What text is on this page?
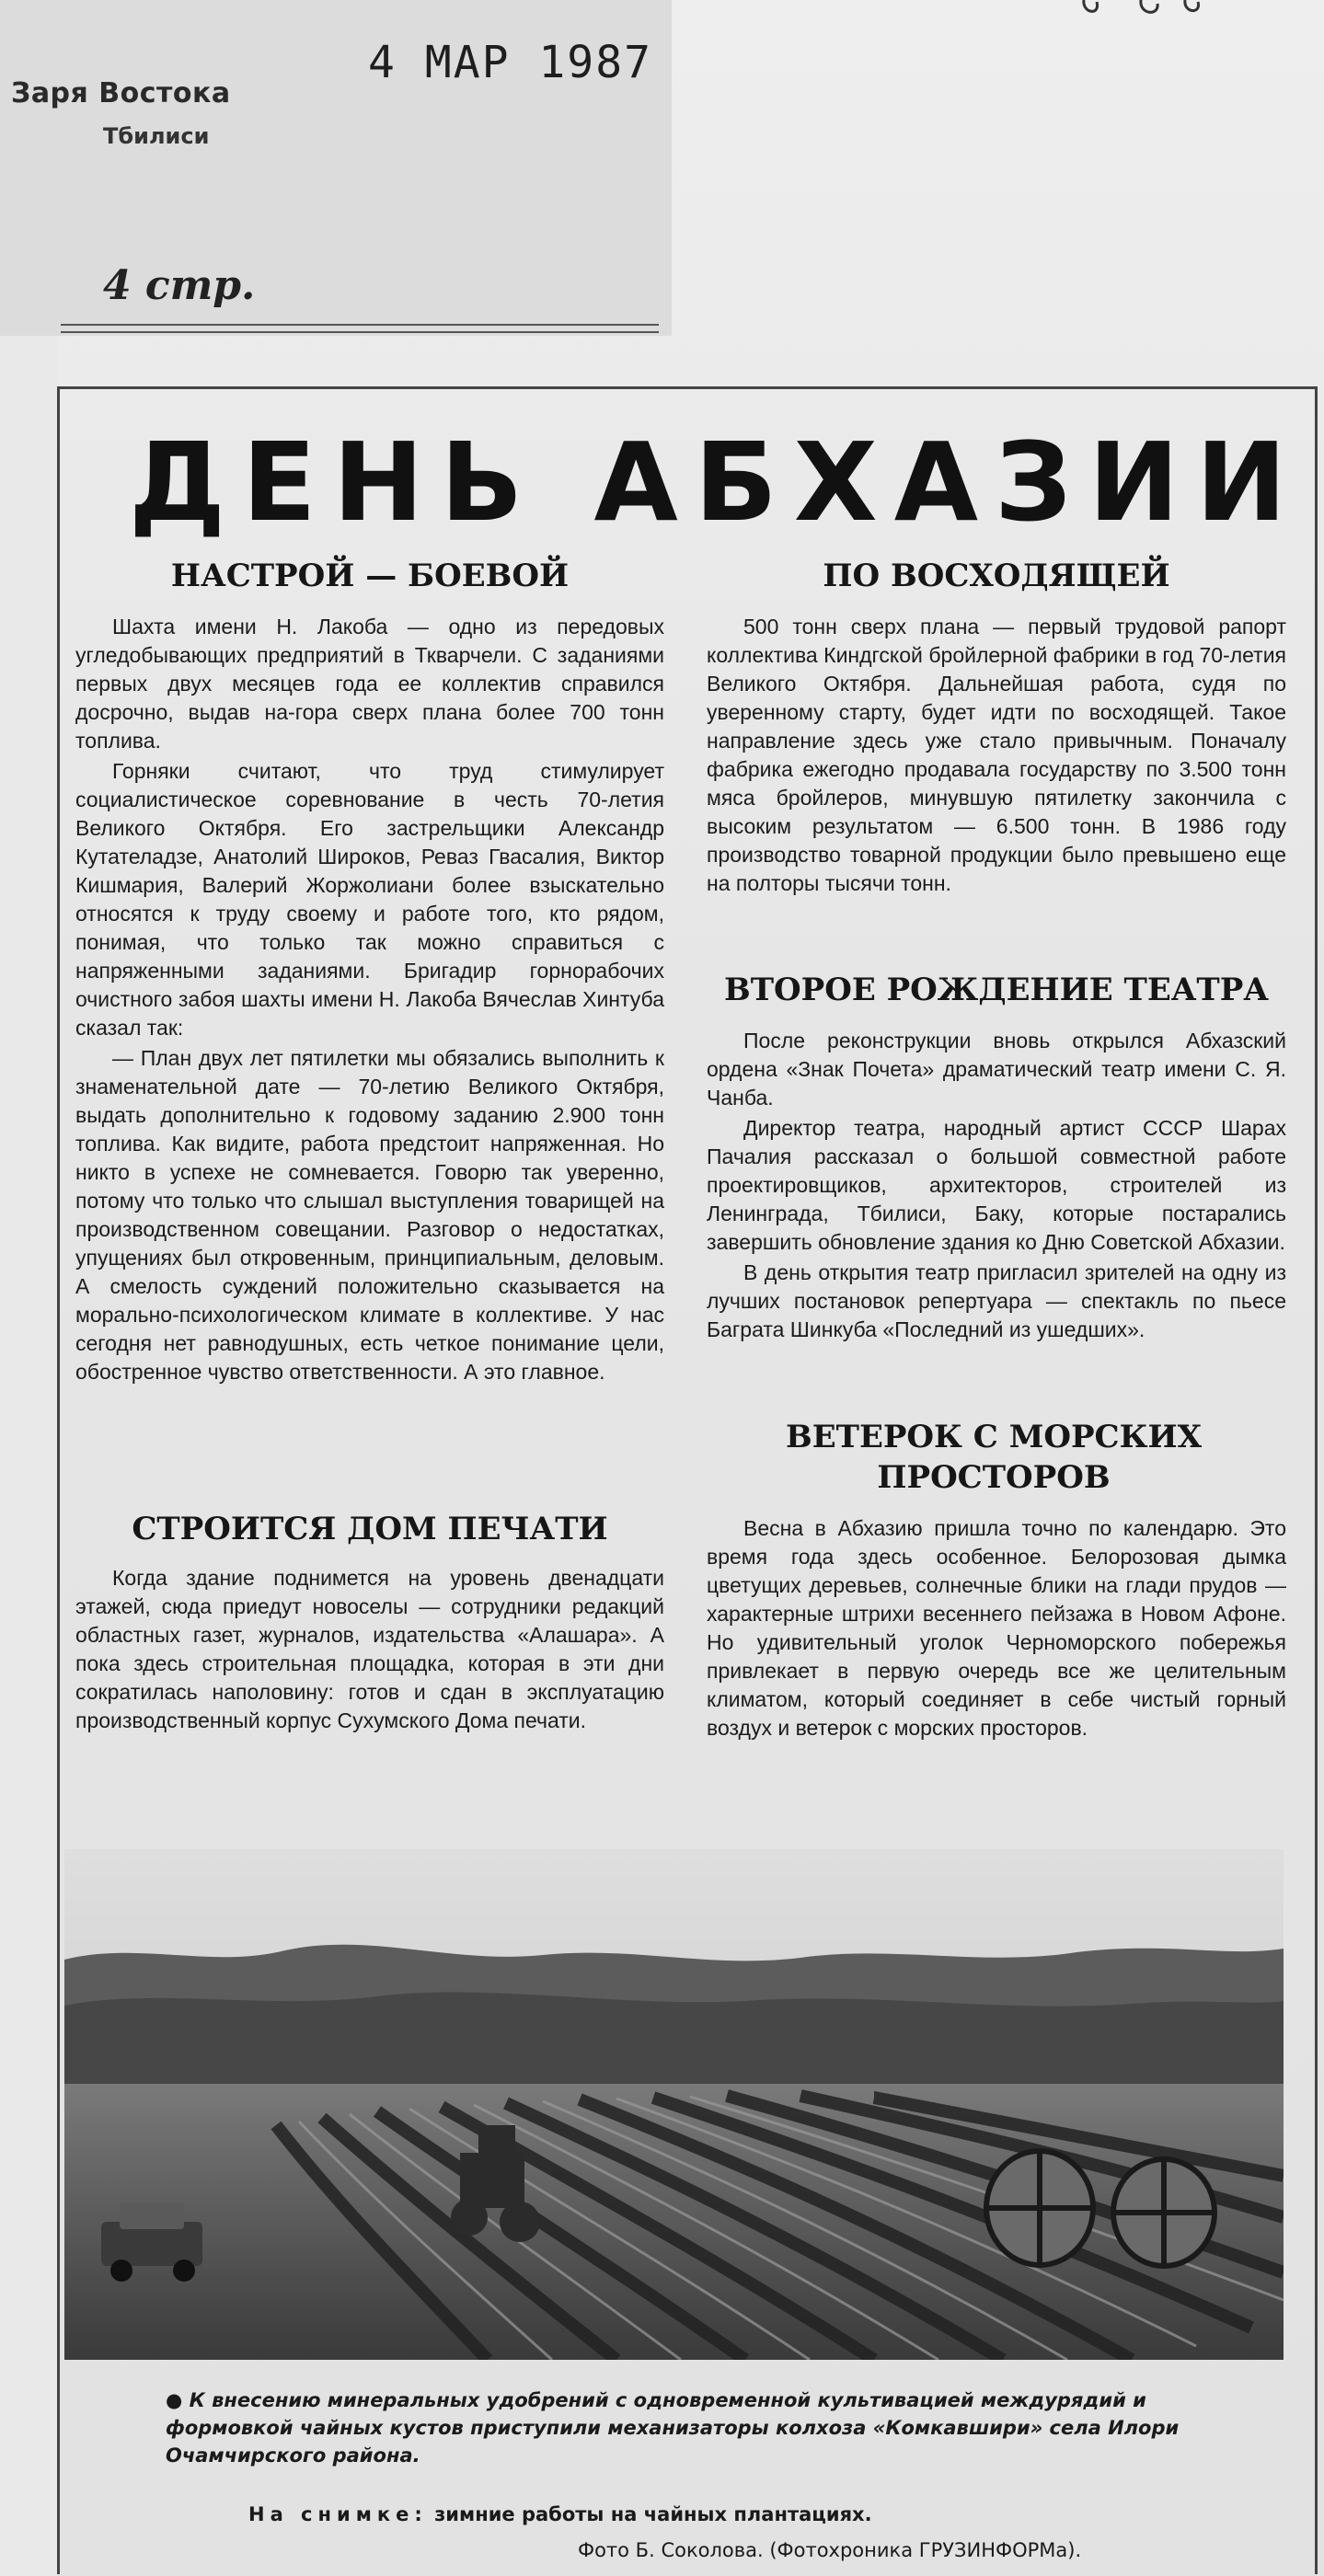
Заря Востока
Тбилиси
4 МАР 1987
4 стр.
ДЕНЬ АБХАЗИИ
НАСТРОЙ — БОЕВОЙ

Шахта имени Н. Лакоба — одно из передовых угледобывающих предприятий в Ткварчели. С заданиями первых двух месяцев года ее коллектив справился досрочно, выдав на-гора сверх плана более 700 тонн топлива.

Горняки считают, что труд стимулирует социалистическое соревнование в честь 70-летия Великого Октября. Его застрельщики Александр Кутателадзе, Анатолий Широков, Реваз Гвасалия, Виктор Кишмария, Валерий Жоржолиани более взыскательно относятся к труду своему и работе того, кто рядом, понимая, что только так можно справиться с напряженными заданиями. Бригадир горнорабочих очистного забоя шахты имени Н. Лакоба Вячеслав Хинтуба сказал так:

— План двух лет пятилетки мы обязались выполнить к знаменательной дате — 70-летию Великого Октября, выдать дополнительно к годовому заданию 2.900 тонн топлива. Как видите, работа предстоит напряженная. Но никто в успехе не сомневается. Говорю так уверенно, потому что только что слышал выступления товарищей на производственном совещании. Разговор о недостатках, упущениях был откровенным, принципиальным, деловым. А смелость суждений положительно сказывается на морально-психологическом климате в коллективе. У нас сегодня нет равнодушных, есть четкое понимание цели, обостренное чувство ответственности. А это главное.

СТРОИТСЯ ДОМ ПЕЧАТИ

Когда здание поднимется на уровень двенадцати этажей, сюда приедут новоселы — сотрудники редакций областных газет, журналов, издательства «Алашара». А пока здесь строительная площадка, которая в эти дни сократилась наполовину: готов и сдан в эксплуатацию производственный корпус Сухумского Дома печати.

ПО ВОСХОДЯЩЕЙ

500 тонн сверх плана — первый трудовой рапорт коллектива Киндгской бройлерной фабрики в год 70-летия Великого Октября. Дальнейшая работа, судя по уверенному старту, будет идти по восходящей. Такое направление здесь уже стало привычным. Поначалу фабрика ежегодно продавала государству по 3.500 тонн мяса бройлеров, минувшую пятилетку закончила с высоким результатом — 6.500 тонн. В 1986 году производство товарной продукции было превышено еще на полторы тысячи тонн.

ВТОРОЕ РОЖДЕНИЕ ТЕАТРА

После реконструкции вновь открылся Абхазский ордена «Знак Почета» драматический театр имени С. Я. Чанба.

Директор театра, народный артист СССР Шарах Пачалия рассказал о большой совместной работе проектировщиков, архитекторов, строителей из Ленинграда, Тбилиси, Баку, которые постарались завершить обновление здания ко Дню Советской Абхазии.

В день открытия театр пригласил зрителей на одну из лучших постановок репертуара — спектакль по пьесе Баграта Шинкуба «Последний из ушедших».

ВЕТЕРОК С МОРСКИХ ПРОСТОРОВ

Весна в Абхазию пришла точно по календарю. Это время года здесь особенное. Белорозовая дымка цветущих деревьев, солнечные блики на глади прудов — характерные штрихи весеннего пейзажа в Новом Афоне. Но удивительный уголок Черноморского побережья привлекает в первую очередь все же целительным климатом, который соединяет в себе чистый горный воздух и ветерок с морских просторов.

● К внесению минеральных удобрений с одновременной культивацией междурядий и формовкой чайных кустов приступили механизаторы колхоза «Комкавшири» села Илори Очамчирского района.
На снимке: зимние работы на чайных плантациях.
Фото Б. Соколова. (Фотохроника ГРУЗИНФОРМа).
